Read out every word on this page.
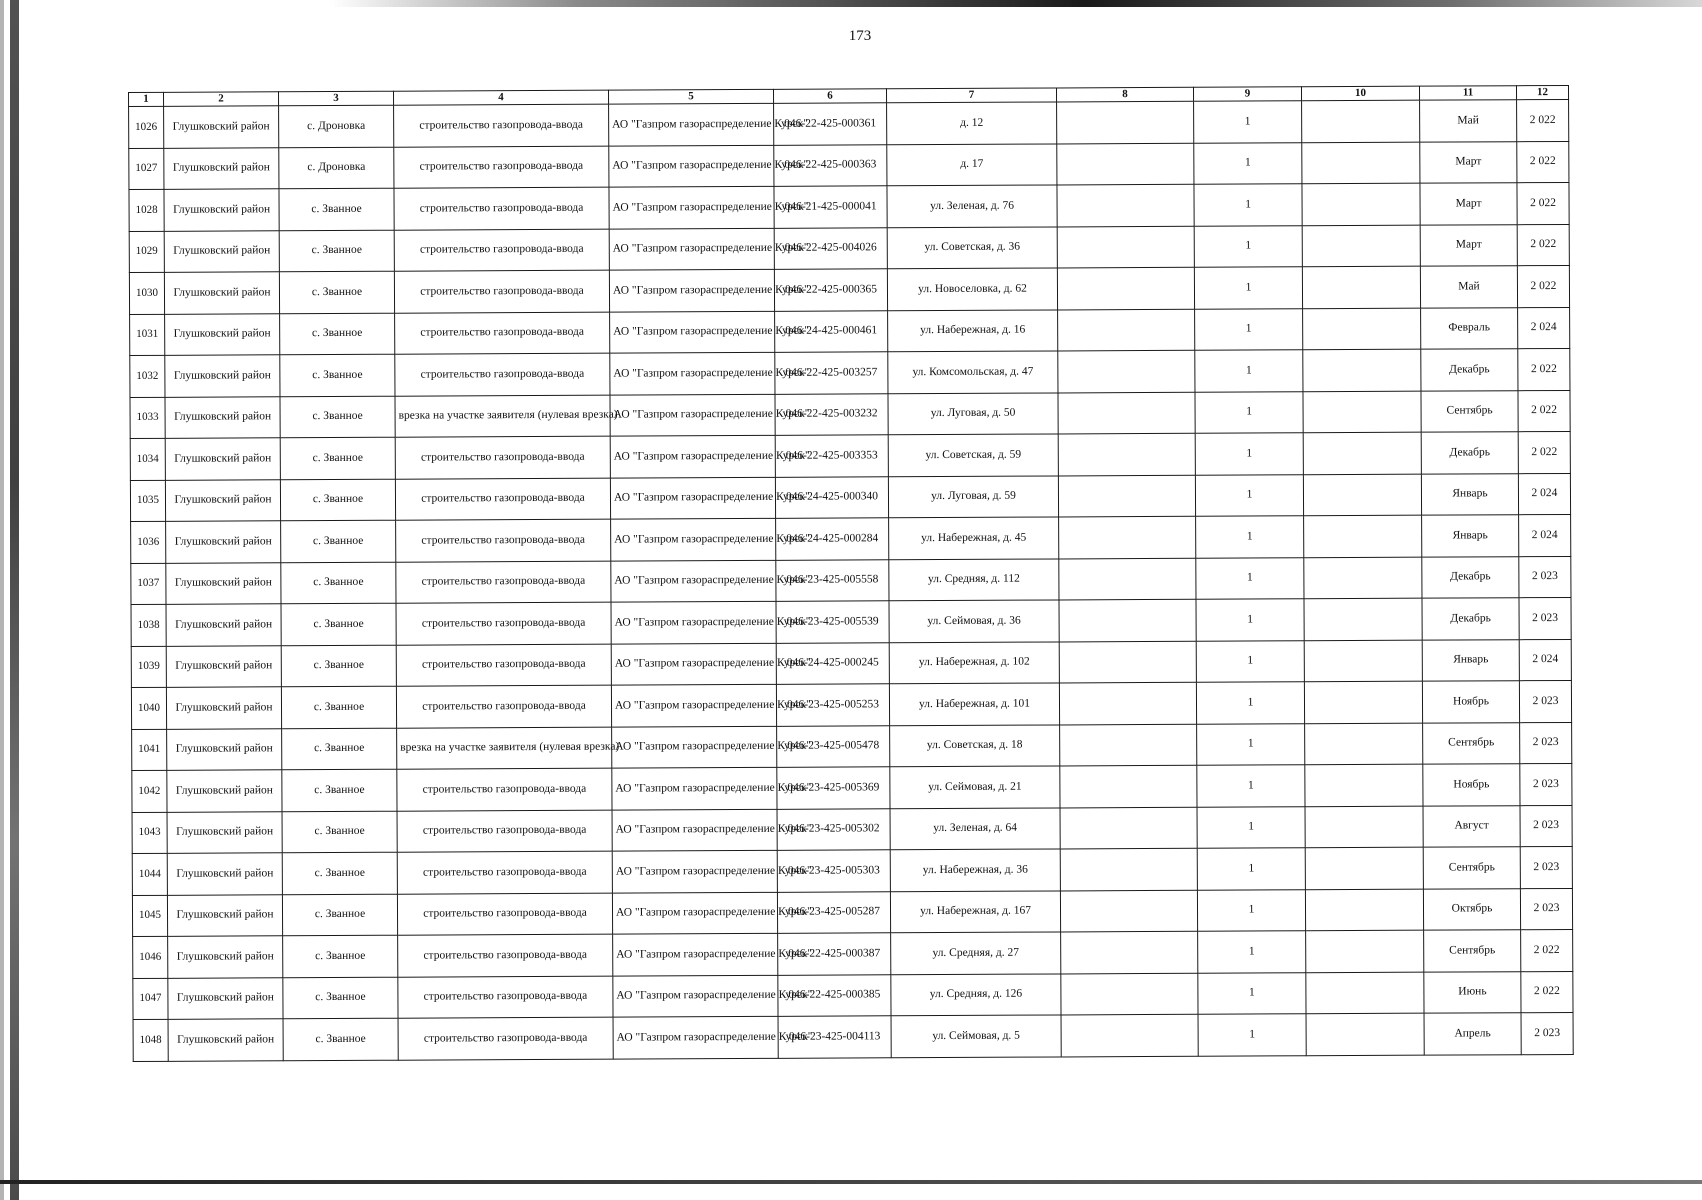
173
1	2	3	4	5	6	7	8	9	10	11	12
1026	Глушковский район	с. Дроновка	строительство газопровода-ввода	АО "Газпром газораспределение Курск"	046-22-425-000361	д. 12		1		Май	2 022
1027	Глушковский район	с. Дроновка	строительство газопровода-ввода	АО "Газпром газораспределение Курск"	046-22-425-000363	д. 17		1		Март	2 022
1028	Глушковский район	с. Званное	строительство газопровода-ввода	АО "Газпром газораспределение Курск"	046-21-425-000041	ул. Зеленая, д. 76		1		Март	2 022
1029	Глушковский район	с. Званное	строительство газопровода-ввода	АО "Газпром газораспределение Курск"	046-22-425-004026	ул. Советская, д. 36		1		Март	2 022
1030	Глушковский район	с. Званное	строительство газопровода-ввода	АО "Газпром газораспределение Курск"	046-22-425-000365	ул. Новоселовка, д. 62		1		Май	2 022
1031	Глушковский район	с. Званное	строительство газопровода-ввода	АО "Газпром газораспределение Курск"	046-24-425-000461	ул. Набережная, д. 16		1		Февраль	2 024
1032	Глушковский район	с. Званное	строительство газопровода-ввода	АО "Газпром газораспределение Курск"	046-22-425-003257	ул. Комсомольская, д. 47		1		Декабрь	2 022
1033	Глушковский район	с. Званное	врезка на участке заявителя (нулевая врезка)	АО "Газпром газораспределение Курск"	046-22-425-003232	ул. Луговая, д. 50		1		Сентябрь	2 022
1034	Глушковский район	с. Званное	строительство газопровода-ввода	АО "Газпром газораспределение Курск"	046-22-425-003353	ул. Советская, д. 59		1		Декабрь	2 022
1035	Глушковский район	с. Званное	строительство газопровода-ввода	АО "Газпром газораспределение Курск"	046-24-425-000340	ул. Луговая, д. 59		1		Январь	2 024
1036	Глушковский район	с. Званное	строительство газопровода-ввода	АО "Газпром газораспределение Курск"	046-24-425-000284	ул. Набережная, д. 45		1		Январь	2 024
1037	Глушковский район	с. Званное	строительство газопровода-ввода	АО "Газпром газораспределение Курск"	046-23-425-005558	ул. Средняя, д. 112		1		Декабрь	2 023
1038	Глушковский район	с. Званное	строительство газопровода-ввода	АО "Газпром газораспределение Курск"	046-23-425-005539	ул. Сеймовая, д. 36		1		Декабрь	2 023
1039	Глушковский район	с. Званное	строительство газопровода-ввода	АО "Газпром газораспределение Курск"	046-24-425-000245	ул. Набережная, д. 102		1		Январь	2 024
1040	Глушковский район	с. Званное	строительство газопровода-ввода	АО "Газпром газораспределение Курск"	046-23-425-005253	ул. Набережная, д. 101		1		Ноябрь	2 023
1041	Глушковский район	с. Званное	врезка на участке заявителя (нулевая врезка)	АО "Газпром газораспределение Курск"	046-23-425-005478	ул. Советская, д. 18		1		Сентябрь	2 023
1042	Глушковский район	с. Званное	строительство газопровода-ввода	АО "Газпром газораспределение Курск"	046-23-425-005369	ул. Сеймовая, д. 21		1		Ноябрь	2 023
1043	Глушковский район	с. Званное	строительство газопровода-ввода	АО "Газпром газораспределение Курск"	046-23-425-005302	ул. Зеленая, д. 64		1		Август	2 023
1044	Глушковский район	с. Званное	строительство газопровода-ввода	АО "Газпром газораспределение Курск"	046-23-425-005303	ул. Набережная, д. 36		1		Сентябрь	2 023
1045	Глушковский район	с. Званное	строительство газопровода-ввода	АО "Газпром газораспределение Курск"	046-23-425-005287	ул. Набережная, д. 167		1		Октябрь	2 023
1046	Глушковский район	с. Званное	строительство газопровода-ввода	АО "Газпром газораспределение Курск"	046-22-425-000387	ул. Средняя, д. 27		1		Сентябрь	2 022
1047	Глушковский район	с. Званное	строительство газопровода-ввода	АО "Газпром газораспределение Курск"	046-22-425-000385	ул. Средняя, д. 126		1		Июнь	2 022
1048	Глушковский район	с. Званное	строительство газопровода-ввода	АО "Газпром газораспределение Курск"	046-23-425-004113	ул. Сеймовая, д. 5		1		Апрель	2 023
